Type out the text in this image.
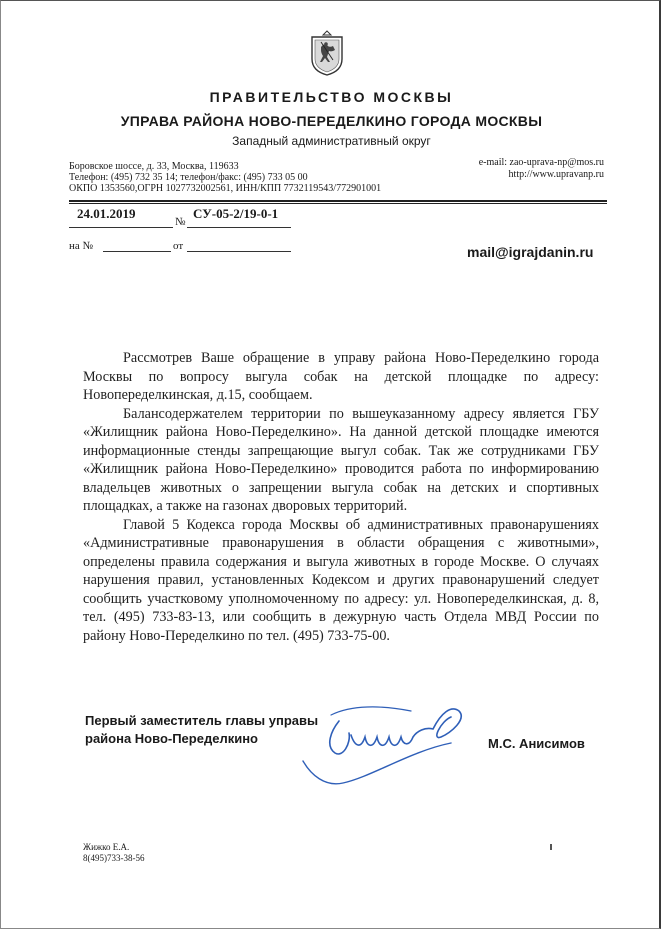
ПРАВИТЕЛЬСТВО МОСКВЫ
УПРАВА РАЙОНА НОВО-ПЕРЕДЕЛКИНО ГОРОДА МОСКВЫ
Западный административный округ
Боровское шоссе, д. 33, Москва, 119633
Телефон: (495) 732 35 14; телефон/факс: (495) 733 05 00
ОКПО 1353560,ОГРН 1027732002561, ИНН/КПП 7732119543/772901001
e-mail: zao-uprava-np@mos.ru
http://www.upravanp.ru
24.01.2019
№
СУ-05-2/19-0-1
на №	от	mail@igrajdanin.ru

Рассмотрев Ваше обращение в управу района Ново-Переделкино города Москвы по вопросу выгула собак на детской площадке по адресу: Новопеределкинская, д.15, сообщаем.

Балансодержателем территории по вышеуказанному адресу является ГБУ «Жилищник района Ново-Переделкино». На данной детской площадке имеются информационные стенды запрещающие выгул собак. Так же сотрудниками ГБУ «Жилищник района Ново-Переделкино» проводится работа по информированию владельцев животных о запрещении выгула собак на детских и спортивных площадках, а также на газонах дворовых территорий.

Главой 5 Кодекса города Москвы об административных правонарушениях «Административные правонарушения в области обращения с животными», определены правила содержания и выгула животных в городе Москве. О случаях нарушения правил, установленных Кодексом и других правонарушений следует сообщить участковому уполномоченному по адресу: ул. Новопеределкинская, д. 8, тел. (495) 733-83-13, или сообщить в дежурную часть Отдела МВД России по району Ново-Переделкино по тел. (495) 733-75-00.

Первый заместитель главы управы
района Ново-Переделкино	М.С. Анисимов
Жижко Е.А.
8(495)733-38-56
